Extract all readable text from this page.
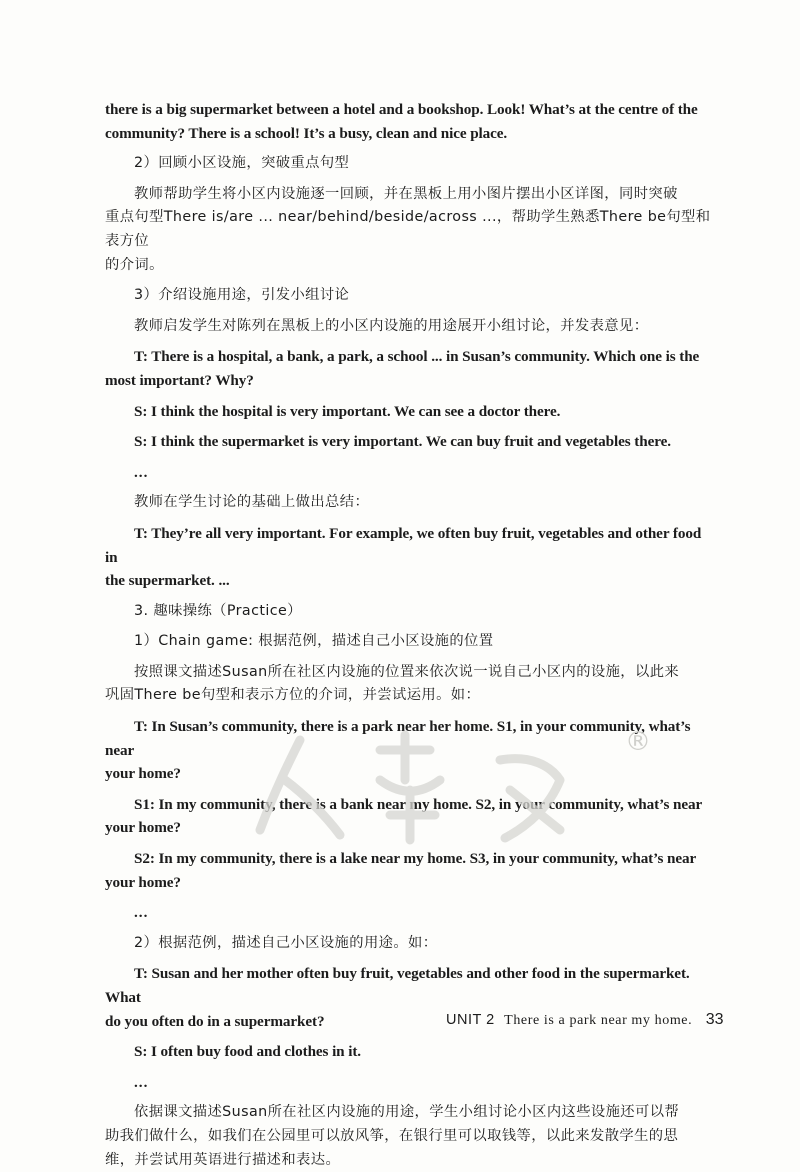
there is a big supermarket between a hotel and a bookshop. Look! What’s at the centre of the

community? There is a school! It’s a busy, clean and nice place.

2）回顾小区设施，突破重点句型

教师帮助学生将小区内设施逐一回顾，并在黑板上用小图片摆出小区详图，同时突破

重点句型There is/are ... near/behind/beside/across ...，帮助学生熟悉There be句型和表方位

的介词。

3）介绍设施用途，引发小组讨论

教师启发学生对陈列在黑板上的小区内设施的用途展开小组讨论，并发表意见：

T: There is a hospital, a bank, a park, a school ... in Susan’s community. Which one is the

most important? Why?

S: I think the hospital is very important. We can see a doctor there.

S: I think the supermarket is very important. We can buy fruit and vegetables there.

...

教师在学生讨论的基础上做出总结：

T: They’re all very important. For example, we often buy fruit, vegetables and other food in

the supermarket. ...

3. 趣味操练（Practice）

1）Chain game: 根据范例，描述自己小区设施的位置

按照课文描述Susan所在社区内设施的位置来依次说一说自己小区内的设施，以此来

巩固There be句型和表示方位的介词，并尝试运用。如：

T: In Susan’s community, there is a park near her home. S1, in your community, what’s near

your home?

S1: In my community, there is a bank near my home. S2, in your community, what’s near

your home?

S2: In my community, there is a lake near my home. S3, in your community, what’s near

your home?

...

2）根据范例，描述自己小区设施的用途。如：

T: Susan and her mother often buy fruit, vegetables and other food in the supermarket. What

do you often do in a supermarket?

S: I often buy food and clothes in it.

...

依据课文描述Susan所在社区内设施的用途，学生小组讨论小区内这些设施还可以帮

助我们做什么，如我们在公园里可以放风筝，在银行里可以取钱等，以此来发散学生的思

维，并尝试用英语进行描述和表达。

®
UNIT 2 There is a park near my home. 33
